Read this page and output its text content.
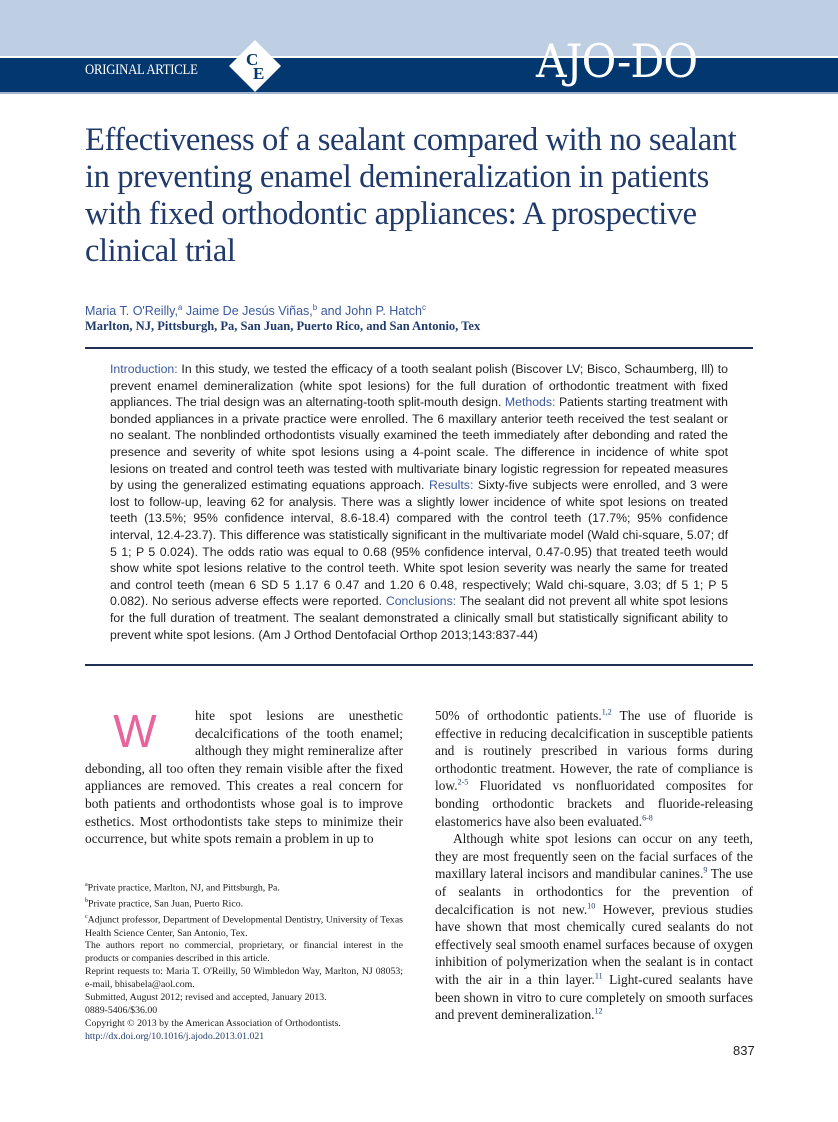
ORIGINAL ARTICLE
C
E	AJO-DO
Effectiveness of a sealant compared with no sealant in preventing enamel demineralization in patients with fixed orthodontic appliances: A prospective clinical trial
Maria T. O'Reilly,$^a$ Jaime De Jesús Viñas,$^b$ and John P. Hatch$^c$
Marlton, NJ, Pittsburgh, Pa, San Juan, Puerto Rico, and San Antonio, Tex
Introduction: In this study, we tested the efficacy of a tooth sealant polish (Biscover LV; Bisco, Schaumberg, Ill) to prevent enamel demineralization (white spot lesions) for the full duration of orthodontic treatment with fixed appliances. The trial design was an alternating-tooth split-mouth design. Methods: Patients starting treatment with bonded appliances in a private practice were enrolled. The 6 maxillary anterior teeth received the test sealant or no sealant. The nonblinded orthodontists visually examined the teeth immediately after debonding and rated the presence and severity of white spot lesions using a 4-point scale. The difference in incidence of white spot lesions on treated and control teeth was tested with multivariate binary logistic regression for repeated measures by using the generalized estimating equations approach. Results: Sixty-five subjects were enrolled, and 3 were lost to follow-up, leaving 62 for analysis. There was a slightly lower incidence of white spot lesions on treated teeth (13.5%; 95% confidence interval, 8.6-18.4) compared with the control teeth (17.7%; 95% confidence interval, 12.4-23.7). This difference was statistically significant in the multivariate model (Wald chi-square, 5.07; df 5 1; P 5 0.024). The odds ratio was equal to 0.68 (95% confidence interval, 0.47-0.95) that treated teeth would show white spot lesions relative to the control teeth. White spot lesion severity was nearly the same for treated and control teeth (mean 6 SD 5 1.17 6 0.47 and 1.20 6 0.48, respectively; Wald chi-square, 3.03; df 5 1; P 5 0.082). No serious adverse effects were reported. Conclusions: The sealant did not prevent all white spot lesions for the full duration of treatment. The sealant demonstrated a clinically small but statistically significant ability to prevent white spot lesions. (Am J Orthod Dentofacial Orthop 2013;143:837-44)

W	hite spot lesions are unesthetic decalcifications of the tooth enamel; although they might remineralize after debonding, all too often they remain visible after the fixed appliances are removed. This creates a real concern for both patients and orthodontists whose goal is to improve esthetics. Most orthodontists take steps to minimize their occurrence, but white spots remain a problem in up to

50% of orthodontic patients.$^{1,2}$ The use of fluoride is effective in reducing decalcification in susceptible patients and is routinely prescribed in various forms during orthodontic treatment. However, the rate of compliance is low.$^{2-5}$ Fluoridated vs nonfluoridated composites for bonding orthodontic brackets and fluoride-releasing elastomerics have also been evaluated.$^{6-8}$

Although white spot lesions can occur on any teeth, they are most frequently seen on the facial surfaces of the maxillary lateral incisors and mandibular canines.$^9$ The use of sealants in orthodontics for the prevention of decalcification is not new.$^{10}$ However, previous studies have shown that most chemically cured sealants do not effectively seal smooth enamel surfaces because of oxygen inhibition of polymerization when the sealant is in contact with the air in a thin layer.$^{11}$ Light-cured sealants have been shown in vitro to cure completely on smooth surfaces and prevent demineralization.$^{12}$

$^a$Private practice, Marlton, NJ, and Pittsburgh, Pa.
$^b$Private practice, San Juan, Puerto Rico.
$^c$Adjunct professor, Department of Developmental Dentistry, University of Texas Health Science Center, San Antonio, Tex.
The authors report no commercial, proprietary, or financial interest in the products or companies described in this article.
Reprint requests to: Maria T. O'Reilly, 50 Wimbledon Way, Marlton, NJ 08053; e-mail, bhisabela@aol.com.
Submitted, August 2012; revised and accepted, January 2013.
0889-5406/$36.00
Copyright © 2013 by the American Association of Orthodontists.
http://dx.doi.org/10.1016/j.ajodo.2013.01.021
837
